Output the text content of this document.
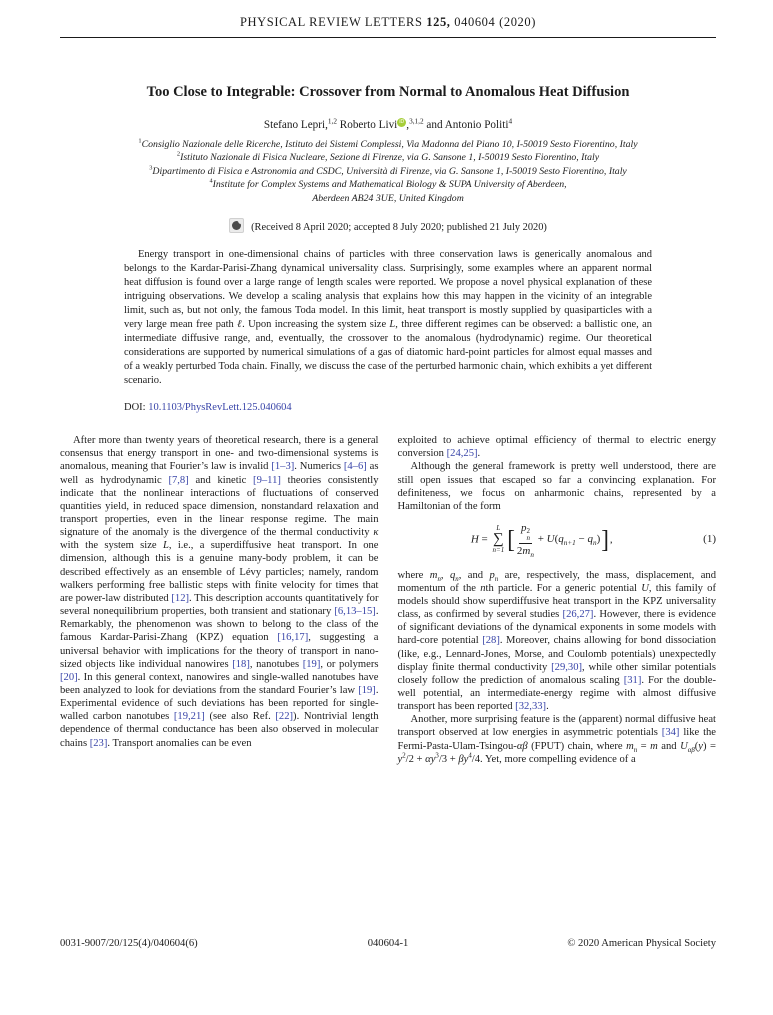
PHYSICAL REVIEW LETTERS 125, 040604 (2020)
Too Close to Integrable: Crossover from Normal to Anomalous Heat Diffusion
Stefano Lepri,$^{1,2}$ Roberto Livi iD ,$^{3,1,2}$ and Antonio Politi$^4$
$^1$Consiglio Nazionale delle Ricerche, Istituto dei Sistemi Complessi, Via Madonna del Piano 10, I-50019 Sesto Fiorentino, Italy
$^2$Istituto Nazionale di Fisica Nucleare, Sezione di Firenze, via G. Sansone 1, I-50019 Sesto Fiorentino, Italy
$^3$Dipartimento di Fisica e Astronomia and CSDC, Università di Firenze, via G. Sansone 1, I-50019 Sesto Fiorentino, Italy
$^4$Institute for Complex Systems and Mathematical Biology & SUPA University of Aberdeen,
Aberdeen AB24 3UE, United Kingdom
(Received 8 April 2020; accepted 8 July 2020; published 21 July 2020)
Energy transport in one-dimensional chains of particles with three conservation laws is generically anomalous and belongs to the Kardar-Parisi-Zhang dynamical universality class. Surprisingly, some examples where an apparent normal heat diffusion is found over a large range of length scales were reported. We propose a novel physical explanation of these intriguing observations. We develop a scaling analysis that explains how this may happen in the vicinity of an integrable limit, such as, but not only, the famous Toda model. In this limit, heat transport is mostly supplied by quasiparticles with a very large mean free path ℓ. Upon increasing the system size L, three different regimes can be observed: a ballistic one, an intermediate diffusive range, and, eventually, the crossover to the anomalous (hydrodynamic) regime. Our theoretical considerations are supported by numerical simulations of a gas of diatomic hard-point particles for almost equal masses and of a weakly perturbed Toda chain. Finally, we discuss the case of the perturbed harmonic chain, which exhibits a yet different scenario.
DOI: 10.1103/PhysRevLett.125.040604

After more than twenty years of theoretical research, there is a general consensus that energy transport in one- and two-dimensional systems is anomalous, meaning that Fourier’s law is invalid [1–3]. Numerics [4–6] as well as hydrodynamic [7,8] and kinetic [9–11] theories consistently indicate that the nonlinear interactions of fluctuations of conserved quantities yield, in reduced space dimension, nonstandard relaxation and transport properties, even in the linear response regime. The main signature of the anomaly is the divergence of the thermal conductivity κ with the system size L, i.e., a superdiffusive heat transport. In one dimension, although this is a genuine many-body problem, it can be described effectively as an ensemble of Lévy particles; namely, random walkers performing free ballistic steps with finite velocity for times that are power-law distributed [12]. This description accounts quantitatively for several nonequilibrium properties, both transient and stationary [6,13–15]. Remarkably, the phenomenon was shown to belong to the class of the famous Kardar-Parisi-Zhang (KPZ) equation [16,17], suggesting a universal behavior with implications for the theory of transport in nano-sized objects like individual nanowires [18], nanotubes [19], or polymers [20]. In this general context, nanowires and single-walled nanotubes have been analyzed to look for deviations from the standard Fourier’s law [19]. Experimental evidence of such deviations has been reported for single-walled carbon nanotubes [19,21] (see also Ref. [22]). Nontrivial length dependence of thermal conductance has been also observed in molecular chains [23]. Transport anomalies can be even

exploited to achieve optimal efficiency of thermal to electric energy conversion [24,25].

Although the general framework is pretty well understood, there are still open issues that escaped so far a convincing explanation. For definiteness, we focus on anharmonic chains, represented by a Hamiltonian of the form

H =
L
∑
n=1 [ p 2
n
$2m_n + U(q_{n+1} - q_n)$],	(1)

where $m_n$, $q_n$, and $p_n$ are, respectively, the mass, displacement, and momentum of the nth particle. For a generic potential U, this family of models should show superdiffusive heat transport in the KPZ universality class, as confirmed by several studies [26,27]. However, there is evidence of significant deviations of the dynamical exponents in some models with hard-core potential [28]. Moreover, chains allowing for bond dissociation (like, e.g., Lennard-Jones, Morse, and Coulomb potentials) unexpectedly display finite thermal conductivity [29,30], while other similar potentials closely follow the prediction of anomalous scaling [31]. For the double-well potential, an intermediate-energy regime with almost diffusive transport has been reported [32,33].

Another, more surprising feature is the (apparent) normal diffusive heat transport observed at low energies in asymmetric potentials [34] like the Fermi-Pasta-Ulam-Tsingou-αβ (FPUT) chain, where $m_n = m$ and $U_{\alpha\beta}(y) = y^2/2 + \alpha y^3/3 + \beta y^4/4$. Yet, more compelling evidence of a

0031-9007/20/125(4)/040604(6)	040604-1	© 2020 American Physical Society
